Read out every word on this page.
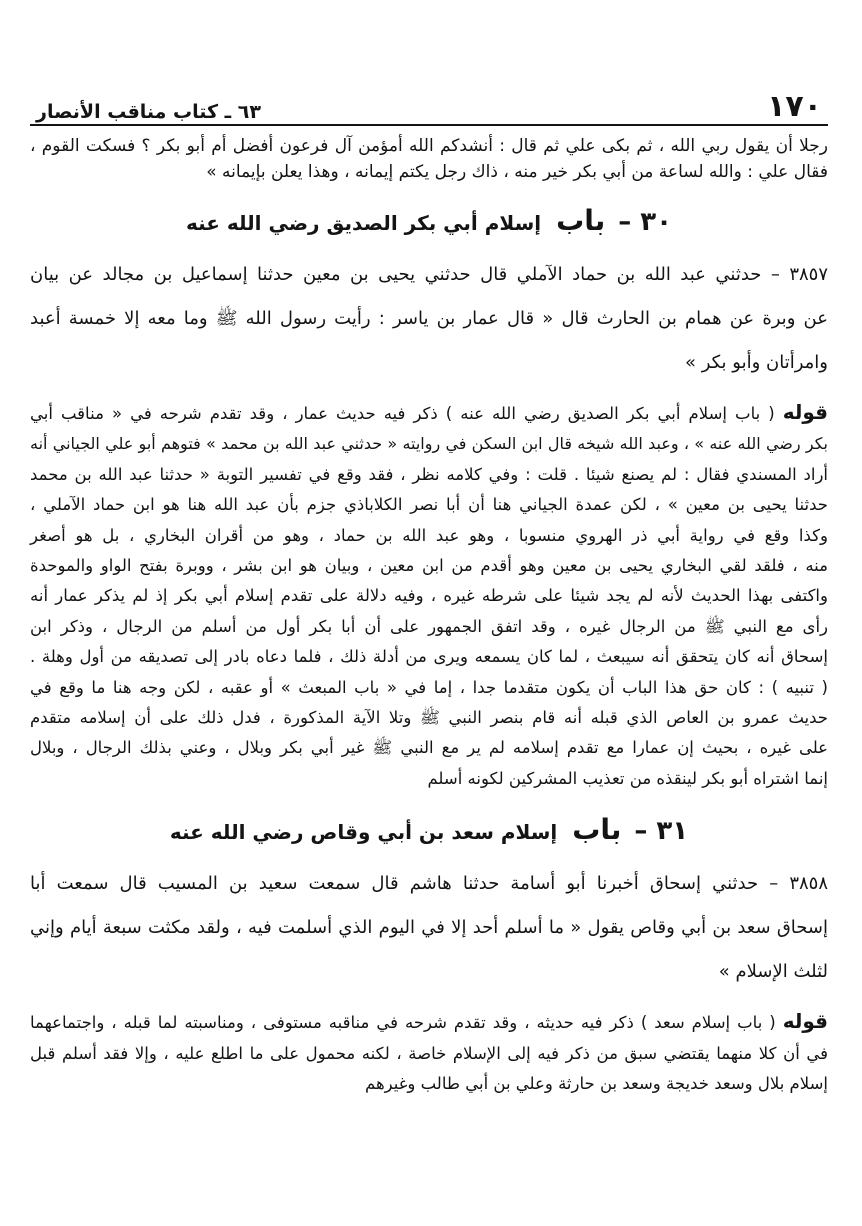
١٧٠
٦٣ ـ كتاب مناقب الأنصار
رجلا أن يقول ربي الله ، ثم بكى علي ثم قال : أنشدكم الله أمؤمن آل فرعون أفضل أم أبو بكر ؟ فسكت القوم ،
فقال علي : والله لساعة من أبي بكر خير منه ، ذاك رجل يكتم إيمانه ، وهذا يعلن بإيمانه »
٣٠ – باب إسلام أبي بكر الصديق رضي الله عنه
٣٨٥٧ – حدثني عبد الله بن حماد الآملي قال حدثني يحيى بن معين حدثنا إسماعيل بن مجالد عن بيان
عن وبرة عن همام بن الحارث قال « قال عمار بن ياسر : رأيت رسول الله ﷺ وما معه إلا خمسة أعبد
وامرأتان وأبو بكر »
قوله ( باب إسلام أبي بكر الصديق رضي الله عنه ) ذكر فيه حديث عمار ، وقد تقدم شرحه في « مناقب أبي
بكر رضي الله عنه » ، وعبد الله شيخه قال ابن السكن في روايته « حدثني عبد الله بن محمد » فتوهم أبو علي الجياني أنه
أراد المسندي فقال : لم يصنع شيئا . قلت : وفي كلامه نظر ، فقد وقع في تفسير التوبة « حدثنا عبد الله بن محمد
حدثنا يحيى بن معين » ، لكن عمدة الجياني هنا أن أبا نصر الكلاباذي جزم بأن عبد الله هنا هو ابن حماد الآملي ،
وكذا وقع في رواية أبي ذر الهروي منسوبا ، وهو عبد الله بن حماد ، وهو من أقران البخاري ، بل هو أصغر
منه ، فلقد لقي البخاري يحيى بن معين وهو أقدم من ابن معين ، وبيان هو ابن بشر ، ووبرة بفتح الواو والموحدة
واكتفى بهذا الحديث لأنه لم يجد شيئا على شرطه غيره ، وفيه دلالة على تقدم إسلام أبي بكر إذ لم يذكر عمار أنه
رأى مع النبي ﷺ من الرجال غيره ، وقد اتفق الجمهور على أن أبا بكر أول من أسلم من الرجال ، وذكر ابن
إسحاق أنه كان يتحقق أنه سيبعث ، لما كان يسمعه ويرى من أدلة ذلك ، فلما دعاه بادر إلى تصديقه من أول وهلة .
( تنبيه ) : كان حق هذا الباب أن يكون متقدما جدا ، إما في « باب المبعث » أو عقبه ، لكن وجه هنا ما وقع في
حديث عمرو بن العاص الذي قبله أنه قام بنصر النبي ﷺ وتلا الآية المذكورة ، فدل ذلك على أن إسلامه متقدم
على غيره ، بحيث إن عمارا مع تقدم إسلامه لم ير مع النبي ﷺ غير أبي بكر وبلال ، وعني بذلك الرجال ، وبلال
إنما اشتراه أبو بكر لينقذه من تعذيب المشركين لكونه أسلم
٣١ – باب إسلام سعد بن أبي وقاص رضي الله عنه
٣٨٥٨ – حدثني إسحاق أخبرنا أبو أسامة حدثنا هاشم قال سمعت سعيد بن المسيب قال سمعت أبا
إسحاق سعد بن أبي وقاص يقول « ما أسلم أحد إلا في اليوم الذي أسلمت فيه ، ولقد مكثت سبعة أيام وإني
لثلث الإسلام »
قوله ( باب إسلام سعد ) ذكر فيه حديثه ، وقد تقدم شرحه في مناقبه مستوفى ، ومناسبته لما قبله ، واجتماعهما
في أن كلا منهما يقتضي سبق من ذكر فيه إلى الإسلام خاصة ، لكنه محمول على ما اطلع عليه ، وإلا فقد أسلم قبل
إسلام بلال وسعد خديجة وسعد بن حارثة وعلي بن أبي طالب وغيرهم
